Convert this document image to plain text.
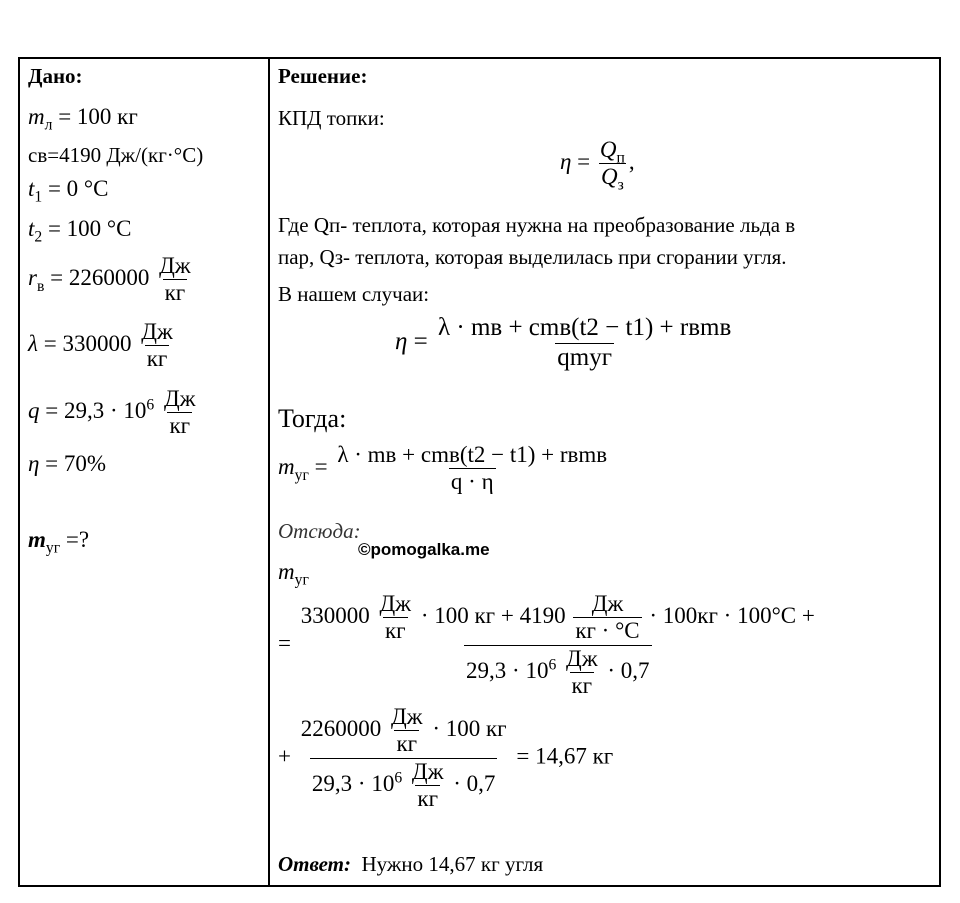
Дано:
$m_л = 100$ кг
cв=4190 Дж/(кг·°С)
$t_1 = 0$ °C
$t_2 = 100$ °C
$r_в = 2260000 \frac{Дж}{кг}$
$\lambda = 330000 \frac{Дж}{кг}$
$q = 29,3 \cdot 10^6 \frac{Дж}{кг}$
η = 70%
$m_{уг}$ =?
Решение:
КПД топки:
$\eta = \frac{Q_п}{Q_з}$ ,
Где Qп- теплота, которая нужна на преобразование льда в
пар, Qз- теплота, которая выделилась при сгорании угля.
В нашем случаи:
$\eta = \frac{\text{λ · mв + cmв(t2 − t1) + rвmв}}{\text{qmуг}}$
Тогда:
$m_{уг} = \frac{\text{λ · mв + cmв(t2 − t1) + rвmв}}{q \cdot \eta}$
Отсюда:
©pomogalka.me
$m_{уг}$
=
$330000 \frac{Дж}{кг} \cdot 100$ кг + $4190 \frac{Дж}{кг \cdot ^\circ С} \cdot 100кг \cdot 100^\circ C$ +
$29,3 \cdot 10^6 \frac{Дж}{кг} \cdot 0,7$
+ $\frac{2260000 \frac{Дж}{кг} \cdot 100 кг}{29,3 \cdot 10^6 \frac{Дж}{кг} \cdot 0,7} = 14,67$ кг
Ответ: Нужно 14,67 кг угля
